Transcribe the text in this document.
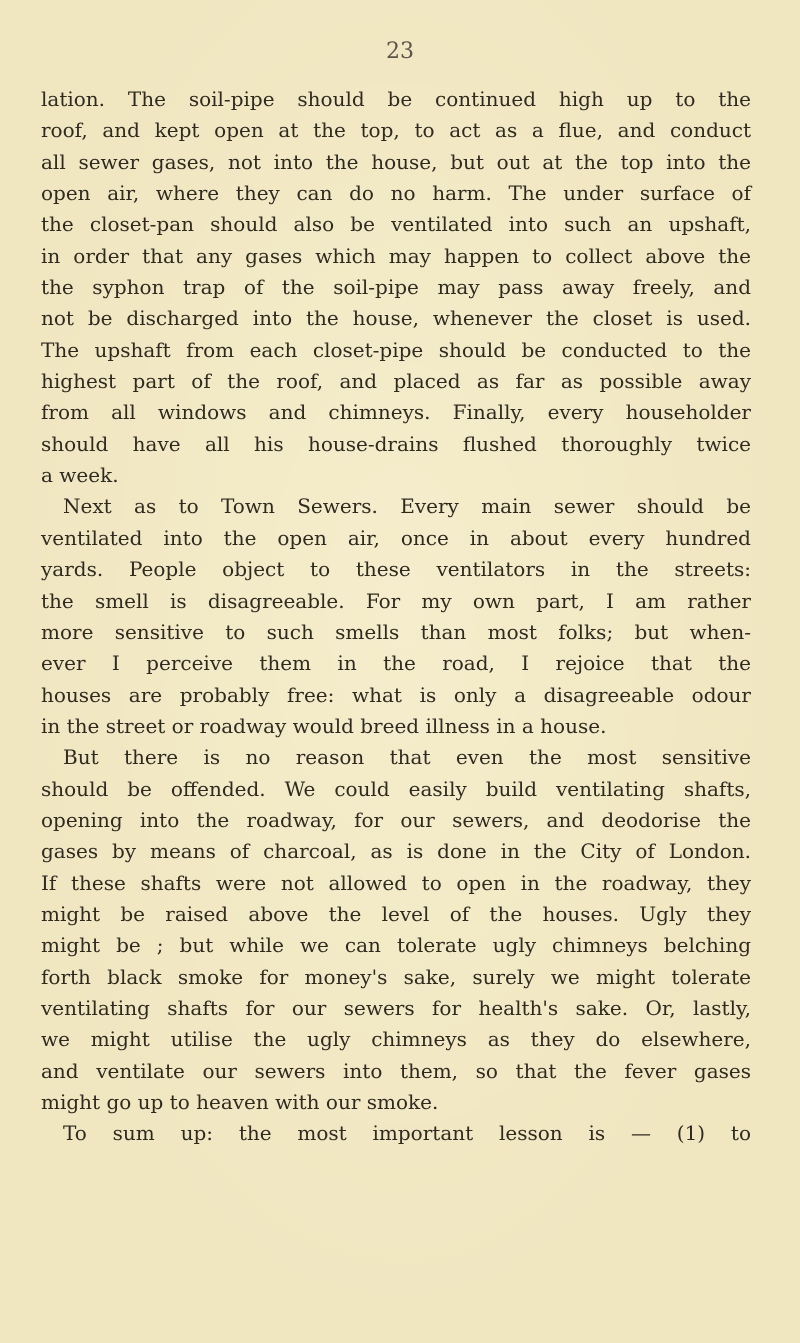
23
lation. The soil-pipe should be continued high up to the
roof, and kept open at the top, to act as a flue, and conduct
all sewer gases, not into the house, but out at the top into the
open air, where they can do no harm. The under surface of
the closet-pan should also be ventilated into such an upshaft,
in order that any gases which may happen to collect above the
the syphon trap of the soil-pipe may pass away freely, and
not be discharged into the house, whenever the closet is used.
The upshaft from each closet-pipe should be conducted to the
highest part of the roof, and placed as far as possible away
from all windows and chimneys. Finally, every householder
should have all his house-drains flushed thoroughly twice
a week.
Next as to Town Sewers. Every main sewer should be
ventilated into the open air, once in about every hundred
yards. People object to these ventilators in the streets:
the smell is disagreeable. For my own part, I am rather
more sensitive to such smells than most folks; but when-
ever I perceive them in the road, I rejoice that the
houses are probably free: what is only a disagreeable odour
in the street or roadway would breed illness in a house.
But there is no reason that even the most sensitive
should be offended. We could easily build ventilating shafts,
opening into the roadway, for our sewers, and deodorise the
gases by means of charcoal, as is done in the City of London.
If these shafts were not allowed to open in the roadway, they
might be raised above the level of the houses. Ugly they
might be ; but while we can tolerate ugly chimneys belching
forth black smoke for money's sake, surely we might tolerate
ventilating shafts for our sewers for health's sake. Or, lastly,
we might utilise the ugly chimneys as they do elsewhere,
and ventilate our sewers into them, so that the fever gases
might go up to heaven with our smoke.
To sum up: the most important lesson is — (1) to
